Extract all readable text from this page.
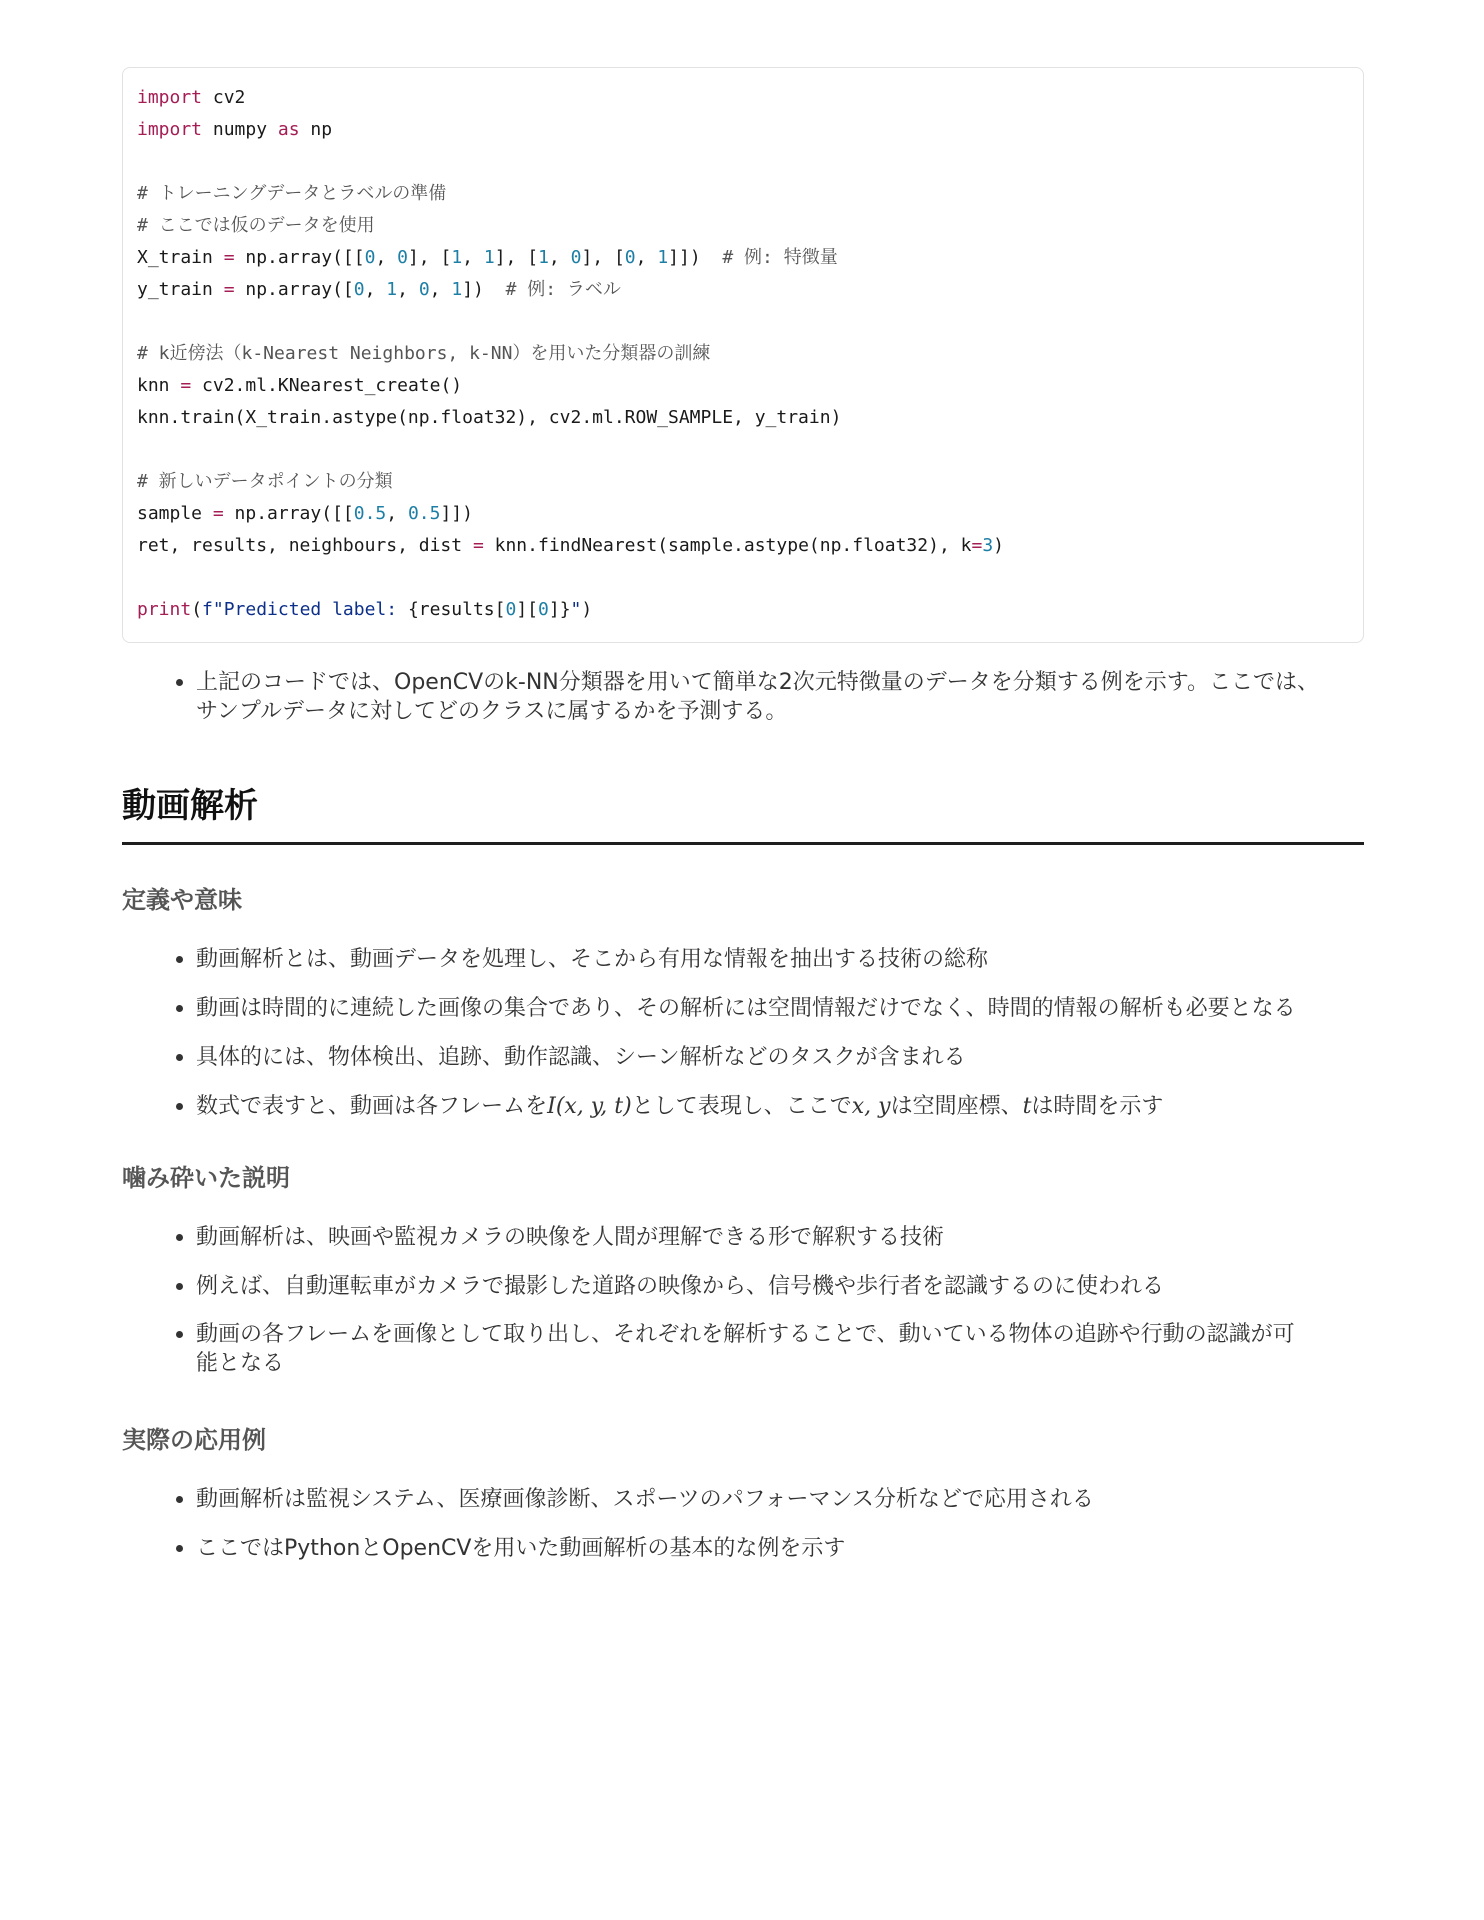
import cv2
import numpy as np
# トレーニングデータとラベルの準備
# ここでは仮のデータを使用
X_train = np.array([[0, 0], [1, 1], [1, 0], [0, 1]])  # 例: 特徴量
y_train = np.array([0, 1, 0, 1])  # 例: ラベル
# k近傍法（k-Nearest Neighbors, k-NN）を用いた分類器の訓練
knn = cv2.ml.KNearest_create()
knn.train(X_train.astype(np.float32), cv2.ml.ROW_SAMPLE, y_train)
# 新しいデータポイントの分類
sample = np.array([[0.5, 0.5]])
ret, results, neighbours, dist = knn.findNearest(sample.astype(np.float32), k=3)
print(f"Predicted label: {results[0][0]}")
上記のコードでは、OpenCVのk-NN分類器を用いて簡単な2次元特徴量のデータを分類する例を示す。ここでは、
サンプルデータに対してどのクラスに属するかを予測する。
動画解析
定義や意味
動画解析とは、動画データを処理し、そこから有用な情報を抽出する技術の総称
動画は時間的に連続した画像の集合であり、その解析には空間情報だけでなく、時間的情報の解析も必要となる
具体的には、物体検出、追跡、動作認識、シーン解析などのタスクが含まれる
数式で表すと、動画は各フレームをI(x, y, t)として表現し、ここでx, yは空間座標、tは時間を示す
噛み砕いた説明
動画解析は、映画や監視カメラの映像を人間が理解できる形で解釈する技術
例えば、自動運転車がカメラで撮影した道路の映像から、信号機や歩行者を認識するのに使われる
動画の各フレームを画像として取り出し、それぞれを解析することで、動いている物体の追跡や行動の認識が可
能となる
実際の応用例
動画解析は監視システム、医療画像診断、スポーツのパフォーマンス分析などで応用される
ここではPythonとOpenCVを用いた動画解析の基本的な例を示す
